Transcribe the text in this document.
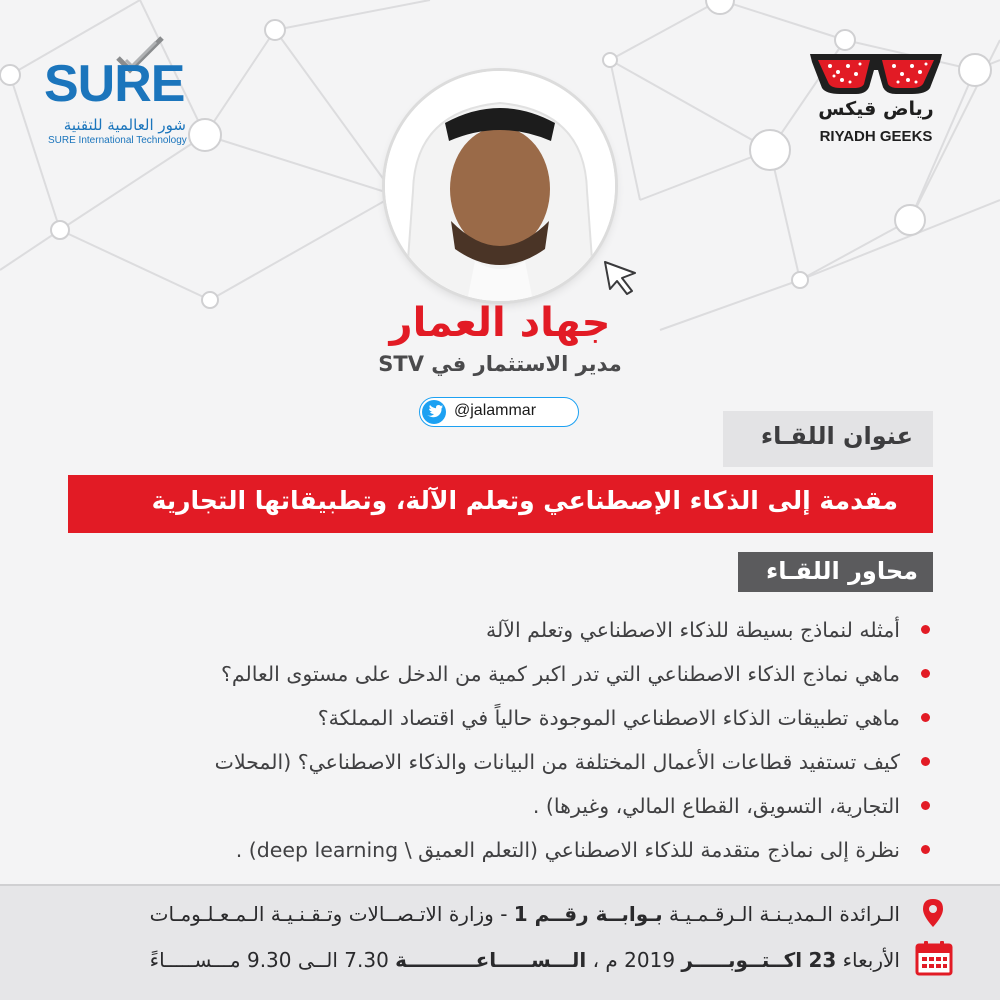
SURE
شور العالمية للتقنية
SURE International Technology
رياض قيكس
RIYADH GEEKS
جهاد العمار
مدير الاستثمار في STV
@jalammar
عنوان اللقـاء
مقدمة إلى الذكاء الإصطناعي وتعلم الآلة، وتطبيقاتها التجارية
محاور اللقـاء
أمثله لنماذج بسيطة للذكاء الاصطناعي وتعلم الآلة
ماهي نماذج الذكاء الاصطناعي التي تدر اكبر كمية من الدخل على مستوى العالم؟
ماهي تطبيقات الذكاء الاصطناعي الموجودة حالياً في اقتصاد المملكة؟
كيف تستفيد قطاعات الأعمال المختلفة من البيانات والذكاء الاصطناعي؟ (المحلات
التجارية، التسويق، القطاع المالي، وغيرها) .
نظرة إلى نماذج متقدمة للذكاء الاصطناعي (التعلم العميق \ deep learning) .
الـرائدة الـمديـنـة الـرقـمـيـة بـوابــة رقــم 1 - وزارة الاتـصــالات وتـقـنـيـة الـمـعـلـومـات
الأربعاء 23 اكــتــوبـــــر 2019 م ، الـــســـــاعــــــــــة 7.30 الــى 9.30 مـــســـــاءً
